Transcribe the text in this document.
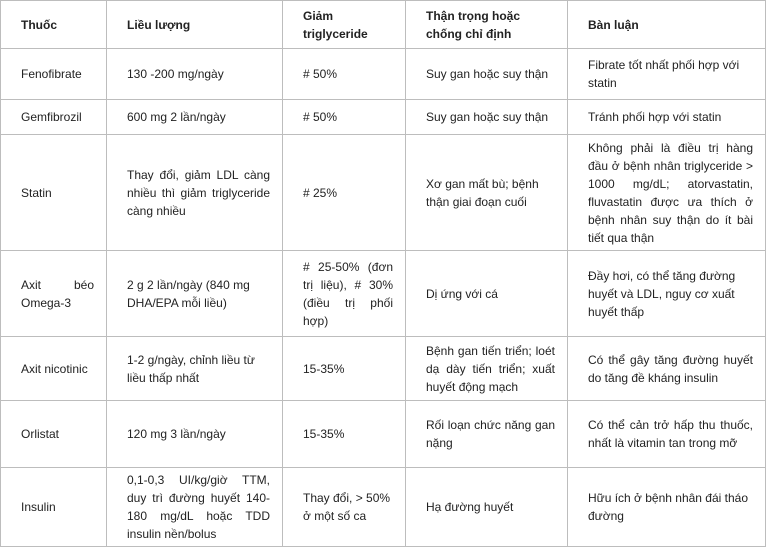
Thuốc	Liều lượng	Giảm triglyceride	Thận trọng hoặc chống chỉ định	Bàn luận
Fenofibrate	130 -200 mg/ngày	# 50%	Suy gan hoặc suy thận	Fibrate tốt nhất phối hợp với statin
Gemfibrozil	600 mg 2 lần/ngày	# 50%	Suy gan hoặc suy thận	Tránh phối hợp với statin
Statin	Thay đổi, giảm LDL càng nhiều thì giảm triglyceride càng nhiều	# 25%	Xơ gan mất bù; bệnh thận giai đoạn cuối	Không phải là điều trị hàng đầu ở bệnh nhân triglyceride > 1000 mg/dL; atorvastatin, fluvastatin được ưa thích ở bệnh nhân suy thận do ít bài tiết qua thận
Axit béo Omega-3	2 g 2 lần/ngày (840 mg DHA/EPA mỗi liều)	# 25-50% (đơn trị liệu), # 30% (điều trị phối hợp)	Dị ứng với cá	Đầy hơi, có thể tăng đường huyết và LDL, nguy cơ xuất huyết thấp
Axit nicotinic	1-2 g/ngày, chỉnh liều từ liều thấp nhất	15-35%	Bệnh gan tiến triển; loét dạ dày tiến triển; xuất huyết động mạch	Có thể gây tăng đường huyết do tăng đề kháng insulin
Orlistat	120 mg 3 lần/ngày	15-35%	Rối loạn chức năng gan nặng	Có thể cản trở hấp thu thuốc, nhất là vitamin tan trong mỡ
Insulin	0,1-0,3 UI/kg/giờ TTM, duy trì đường huyết 140-180 mg/dL hoặc TDD insulin nền/bolus	Thay đổi, > 50% ở một số ca	Hạ đường huyết	Hữu ích ở bệnh nhân đái tháo đường
